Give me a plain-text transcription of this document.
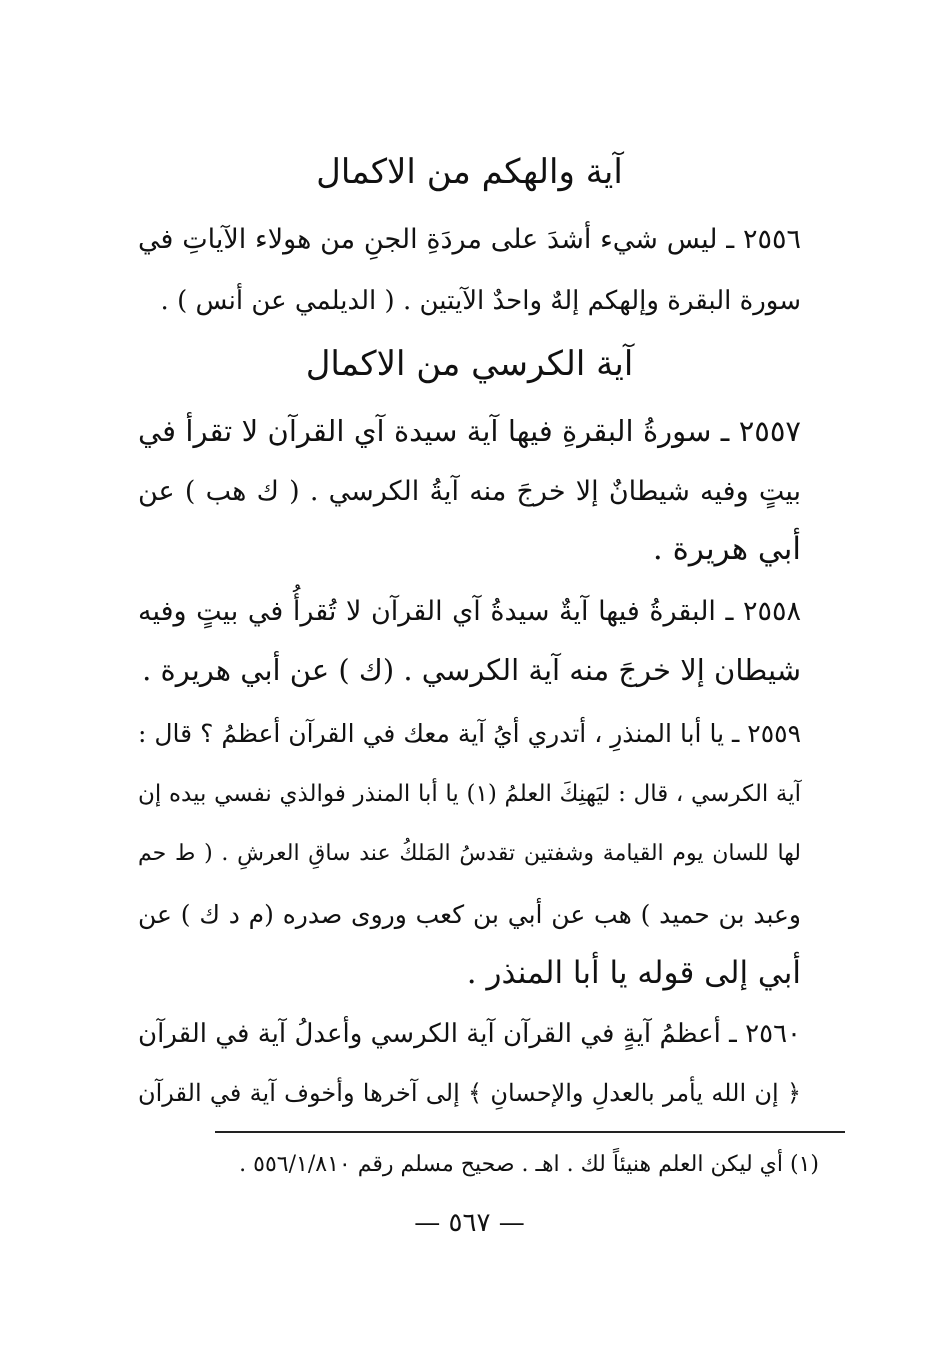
آية والهكم من الاكمال
٢٥٥٦ ـ ليس شيء أشدَ على مردَةِ الجنِ من هولاء الآياتِ في
سورة البقرة وإلهكم إلهٌ واحدٌ الآيتين . ( الديلمي عن أنس ) .
آية الكرسي من الاكمال
٢٥٥٧ ـ سورةُ البقرةِ فيها آية سيدة آي القرآن لا تقرأ في
بيتٍ وفيه شيطانٌ إلا خرجَ منه آيةُ الكرسي . ( ك هب ) عن
أبي هريرة .
٢٥٥٨ ـ البقرةُ فيها آيةٌ سيدةُ آي القرآن لا تُقرأُ في بيتٍ وفيه
شيطان إلا خرجَ منه آية الكرسي . (ك ) عن أبي هريرة .
٢٥٥٩ ـ يا أبا المنذرِ ، أتدري أيُ آية معك في القرآن أعظمُ ؟ قال :
آية الكرسي ، قال : ليَهنِكَ العلمُ (١) يا أبا المنذر فوالذي نفسي بيده إن
لها للسان يوم القيامة وشفتين تقدسُ المَلكُ عند ساقِ العرشِ . ( ط حم
وعبد بن حميد ) هب عن أبي بن كعب وروى صدره (م د ك ) عن
أبي إلى قوله يا أبا المنذر .
٢٥٦٠ ـ أعظمُ آيةٍ في القرآن آية الكرسي وأعدلُ آية في القرآن
﴿ إن الله يأمر بالعدلِ والإحسانِ ﴾ إلى آخرها وأخوف آية في القرآن
(١) أي ليكن العلم هنيئاً لك . اهـ . صحيح مسلم رقم ٥٥٦/١/٨١٠ .
— ٥٦٧ —
